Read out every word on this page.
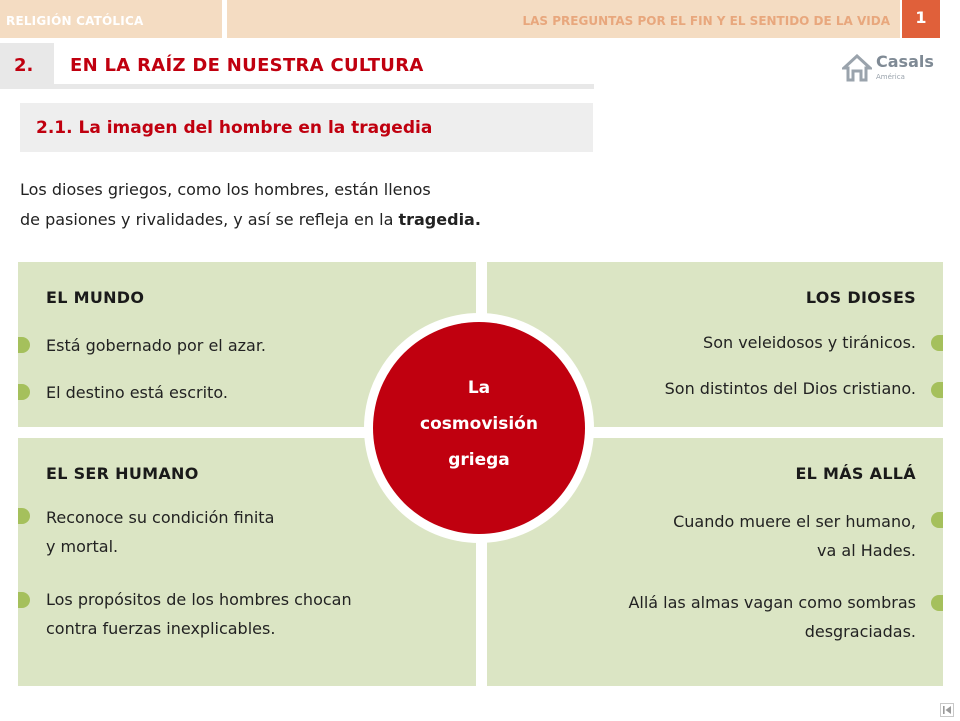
RELIGIÓN CATÓLICA	LAS PREGUNTAS POR EL FIN Y EL SENTIDO DE LA VIDA	1
2. EN LA RAÍZ DE NUESTRA CULTURA	Casals
América
2.1. La imagen del hombre en la tragedia
Los dioses griegos, como los hombres, están llenos
de pasiones y rivalidades, y así se refleja en la tragedia.
EL MUNDO
Está gobernado por el azar.
El destino está escrito.
LOS DIOSES
Son veleidosos y tiránicos.
Son distintos del Dios cristiano.
EL SER HUMANO
Reconoce su condición finita
y mortal.
Los propósitos de los hombres chocan
contra fuerzas inexplicables.
EL MÁS ALLÁ
Cuando muere el ser humano,
va al Hades.
Allá las almas vagan como sombras
desgraciadas.
La
cosmovisión
griega
